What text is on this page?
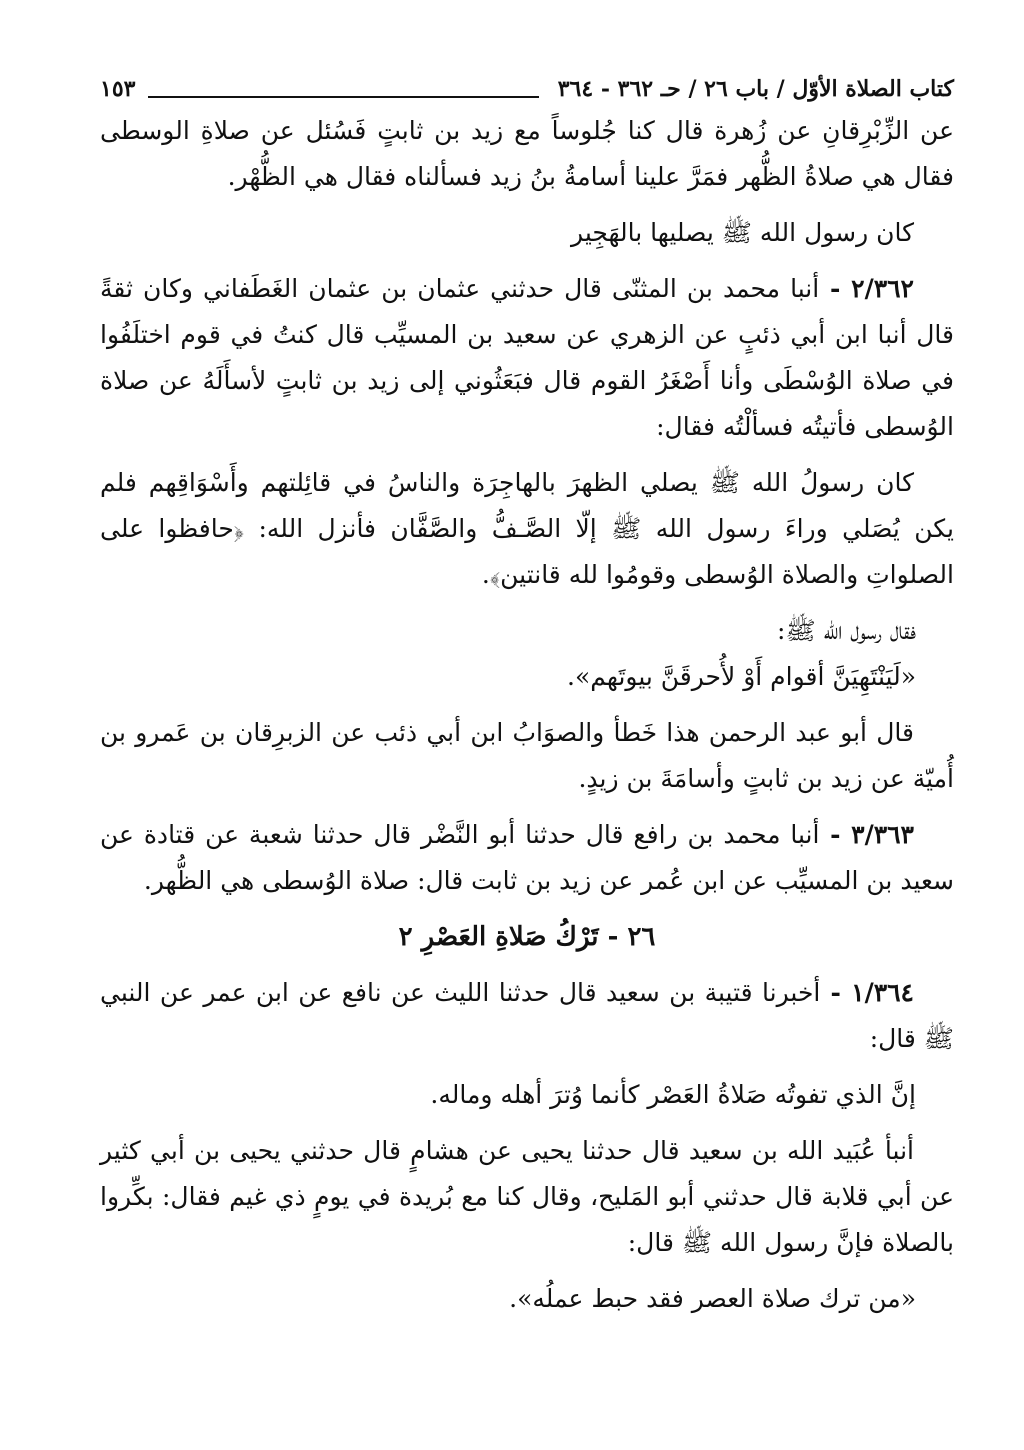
كتاب الصلاة الأوّل / باب ٢٦ / حـ ٣٦٢ - ٣٦٤
١٥٣

عن الزِّبْرِقانِ عن زُهرة قال كنا جُلوساً مع زيد بن ثابتٍ فَسُئل عن صلاةِ الوسطى فقال هي صلاةُ الظُّهر فمَرَّ علينا أسامةُ بنُ زيد فسألناه فقال هي الظُّهْر.

كان رسول الله ﷺ يصليها بالهَجِير

٢/٣٦٢ - أنبا محمد بن المثنّى قال حدثني عثمان بن عثمان الغَطَفاني وكان ثقةً قال أنبا ابن أبي ذئبٍ عن الزهري عن سعيد بن المسيِّب قال كنتُ في قوم اختلَفُوا في صلاة الوُسْطَى وأنا أَصْغَرُ القوم قال فبَعَثُوني إلى زيد بن ثابتٍ لأسأَلَهُ عن صلاة الوُسطى فأتيتُه فسألْتُه فقال:

كان رسولُ الله ﷺ يصلي الظهرَ بالهاجِرَة والناسُ في قائِلتهم وأَسْوَاقِهم فلم يكن يُصَلي وراءَ رسول الله ﷺ إلّا الصَّـفُّ والصَّفَّان فأنزل الله: ﴿حافظوا على الصلواتِ والصلاة الوُسطى وقومُوا لله قانتين﴾.

فقال رسول الله ﷺ:

«لَيَنْتَهِيَنَّ أقوام أَوْ لأُحرقَنَّ بيوتَهم».

قال أبو عبد الرحمن هذا خَطأ والصوَابُ ابن أبي ذئب عن الزبرِقان بن عَمرو بن أُميّة عن زيد بن ثابتٍ وأسامَةَ بن زيدٍ.

٣/٣٦٣ - أنبا محمد بن رافع قال حدثنا أبو النَّضْر قال حدثنا شعبة عن قتادة عن سعيد بن المسيِّب عن ابن عُمر عن زيد بن ثابت قال: صلاة الوُسطى هي الظُّهر.

٢٦ - تَرْكُ صَلاةِ العَصْرِ ٢

١/٣٦٤ - أخبرنا قتيبة بن سعيد قال حدثنا الليث عن نافع عن ابن عمر عن النبي ﷺ قال:

إنَّ الذي تفوتُه صَلاةُ العَصْر كأنما وُترَ أهله وماله.

أنبأ عُبَيد الله بن سعيد قال حدثنا يحيى عن هشامٍ قال حدثني يحيى بن أبي كثير عن أبي قلابة قال حدثني أبو المَليح، وقال كنا مع بُريدة في يومٍ ذي غيم فقال: بكِّروا بالصلاة فإنَّ رسول الله ﷺ قال:

«من ترك صلاة العصر فقد حبط عملُه».
